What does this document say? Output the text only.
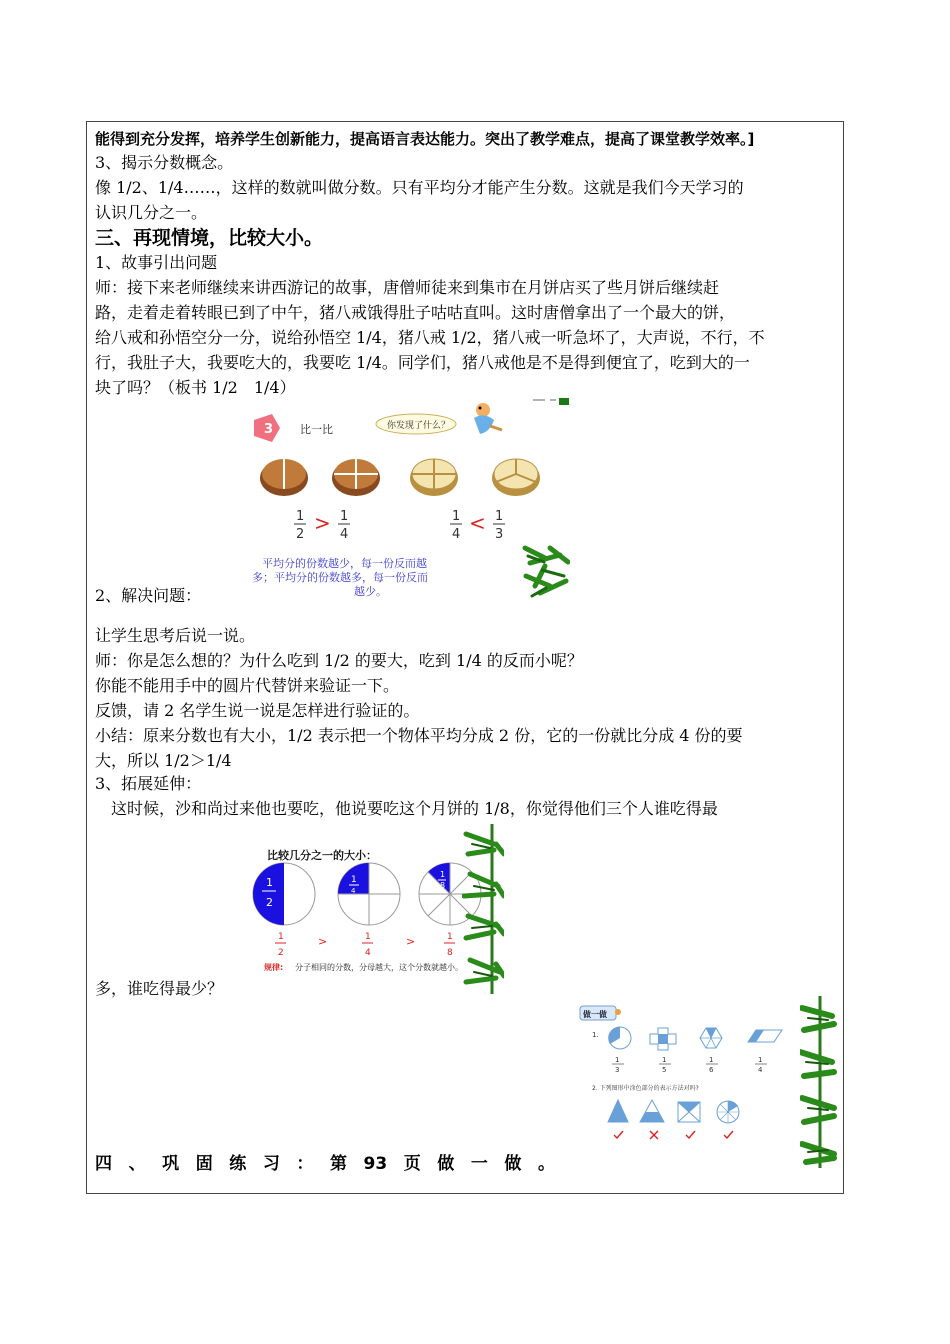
能得到充分发挥，培养学生创新能力，提高语言表达能力。突出了教学难点，提高了课堂教学效率。]
3、揭示分数概念。
像 1/2、1/4……，这样的数就叫做分数。只有平均分才能产生分数。这就是我们今天学习的
认识几分之一。
三、再现情境，比较大小。
1、故事引出问题
师：接下来老师继续来讲西游记的故事，唐僧师徒来到集市在月饼店买了些月饼后继续赶
路，走着走着转眼已到了中午，猪八戒饿得肚子咕咕直叫。这时唐僧拿出了一个最大的饼，
给八戒和孙悟空分一分，说给孙悟空 1/4，猪八戒 1/2，猪八戒一听急坏了，大声说，不行，不
行，我肚子大，我要吃大的，我要吃 1/4。同学们，猪八戒他是不是得到便宜了，吃到大的一
块了吗？（板书 1/2　1/4）
3 比一比	你发现了什么？
1
2 > 1
4
1
4 < 1
3
平均分的份数越少，每一份反而越
多；平均分的份数越多，每一份反而
越少。
2、解决问题：
让学生思考后说一说。
师：你是怎么想的？为什么吃到 1/2 的要大，吃到 1/4 的反而小呢？
你能不能用手中的圆片代替饼来验证一下。
反馈，请 2 名学生说一说是怎样进行验证的。
小结：原来分数也有大小，1/2 表示把一个物体平均分成 2 份，它的一份就比分成 4 份的要
大，所以 1/2＞1/4
3、拓展延伸：
　这时候，沙和尚过来他也要吃，他说要吃这个月饼的 1/8，你觉得他们三个人谁吃得最
比较几分之一的大小：
1
2
1
4
1
8
1
2
>	1
4
>	1
8
规律: 分子相同的分数，分母越大，这个分数就越小。
多，谁吃得最少？
做一做
1.
1
3
1
5
1
6
1
4
2. 下列图形中涂色部分的表示方法对吗?
四 、 巩 固 练 习 ： 第 93 页 做 一 做 。
